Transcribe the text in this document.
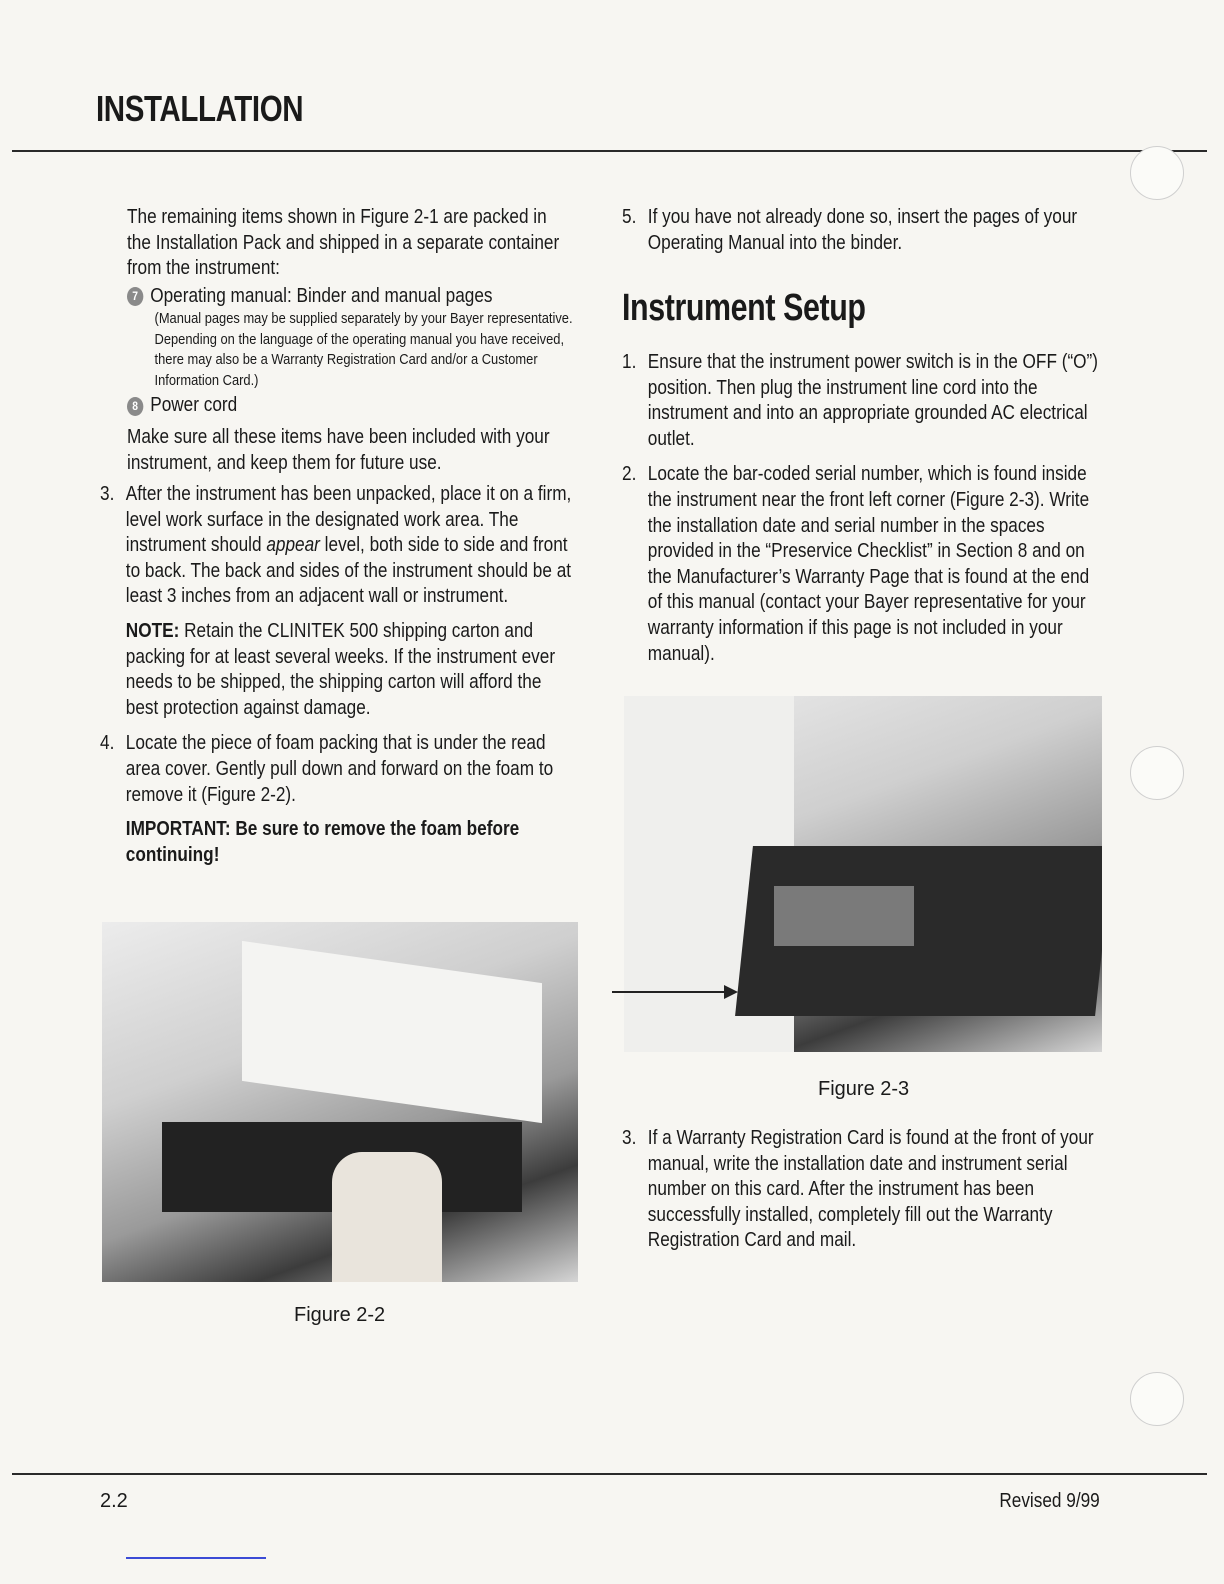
INSTALLATION

The remaining items shown in Figure 2-1 are packed in the Installation Pack and shipped in a separate container from the instrument:

7 Operating manual: Binder and manual pages

(Manual pages may be supplied separately by your Bayer representative. Depending on the language of the operating manual you have received, there may also be a Warranty Registration Card and/or a Customer Information Card.)

8 Power cord

Make sure all these items have been included with your instrument, and keep them for future use.

3. After the instrument has been unpacked, place it on a firm, level work surface in the designated work area. The instrument should appear level, both side to side and front to back. The back and sides of the instrument should be at least 3 inches from an adjacent wall or instrument.

NOTE: Retain the CLINITEK 500 shipping carton and packing for at least several weeks. If the instrument ever needs to be shipped, the shipping carton will afford the best protection against damage.

4. Locate the piece of foam packing that is under the read area cover. Gently pull down and forward on the foam to remove it (Figure 2-2).

IMPORTANT: Be sure to remove the foam before continuing!

Figure 2-2
5. If you have not already done so, insert the pages of your Operating Manual into the binder.

Instrument Setup
1. Ensure that the instrument power switch is in the OFF (“O”) position. Then plug the instrument line cord into the instrument and into an appropriate grounded AC electrical outlet.

2. Locate the bar-coded serial number, which is found inside the instrument near the front left corner (Figure 2-3). Write the installation date and serial number in the spaces provided in the “Preservice Checklist” in Section 8 and on the Manufacturer’s Warranty Page that is found at the end of this manual (contact your Bayer representative for your warranty information if this page is not included in your manual).

Figure 2-3
3. If a Warranty Registration Card is found at the front of your manual, write the installation date and instrument serial number on this card. After the instrument has been successfully installed, completely fill out the Warranty Registration Card and mail.

2.2	Revised 9/99
